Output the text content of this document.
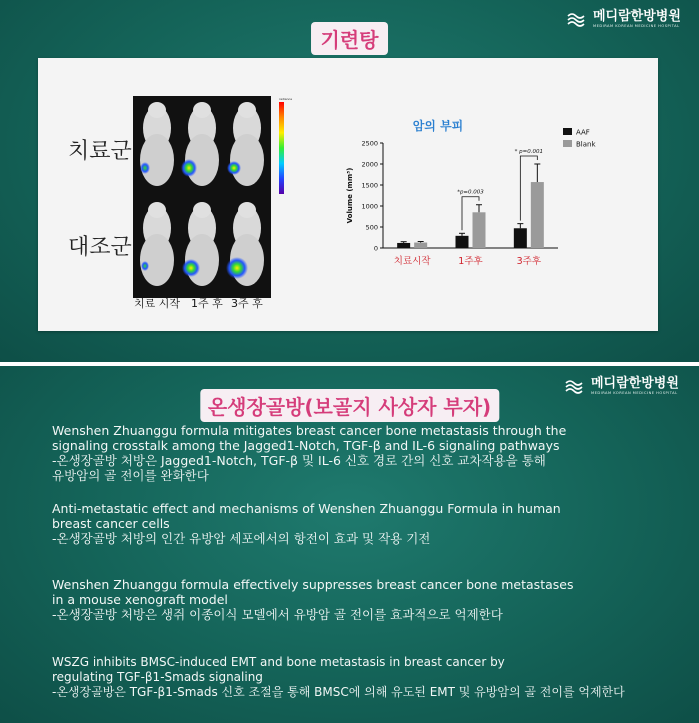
메디람한방병원
MEDIRAM KOREAN MEDICINE HOSPITAL
기련탕
치료군
대조군
radiance
치료 시작 1주 후 3주 후
암의 부피
0
500
1000
1500
2000
2500
Volume (mm³)
치료시작	1주후	3주후
*p=0.003
* p=0.001
AAF
Blank
메디람한방병원
MEDIRAM KOREAN MEDICINE HOSPITAL
온생장골방(보골지 사상자 부자)
Wenshen Zhuanggu formula mitigates breast cancer bone metastasis through the
signaling crosstalk among the Jagged1-Notch, TGF-β and IL-6 signaling pathways
-온생장골방 처방은 Jagged1-Notch, TGF-β 및 IL-6 신호 경로 간의 신호 교차작용을 통해
유방암의 골 전이를 완화한다
Anti-metastatic effect and mechanisms of Wenshen Zhuanggu Formula in human
breast cancer cells
-온생장골방 처방의 인간 유방암 세포에서의 항전이 효과 및 작용 기전
Wenshen Zhuanggu formula effectively suppresses breast cancer bone metastases
in a mouse xenograft model
-온생장골방 처방은 생쥐 이종이식 모델에서 유방암 골 전이를 효과적으로 억제한다
WSZG inhibits BMSC-induced EMT and bone metastasis in breast cancer by
regulating TGF-β1-Smads signaling
-온생장골방은 TGF-β1-Smads 신호 조절을 통해 BMSC에 의해 유도된 EMT 및 유방암의 골 전이를 억제한다
